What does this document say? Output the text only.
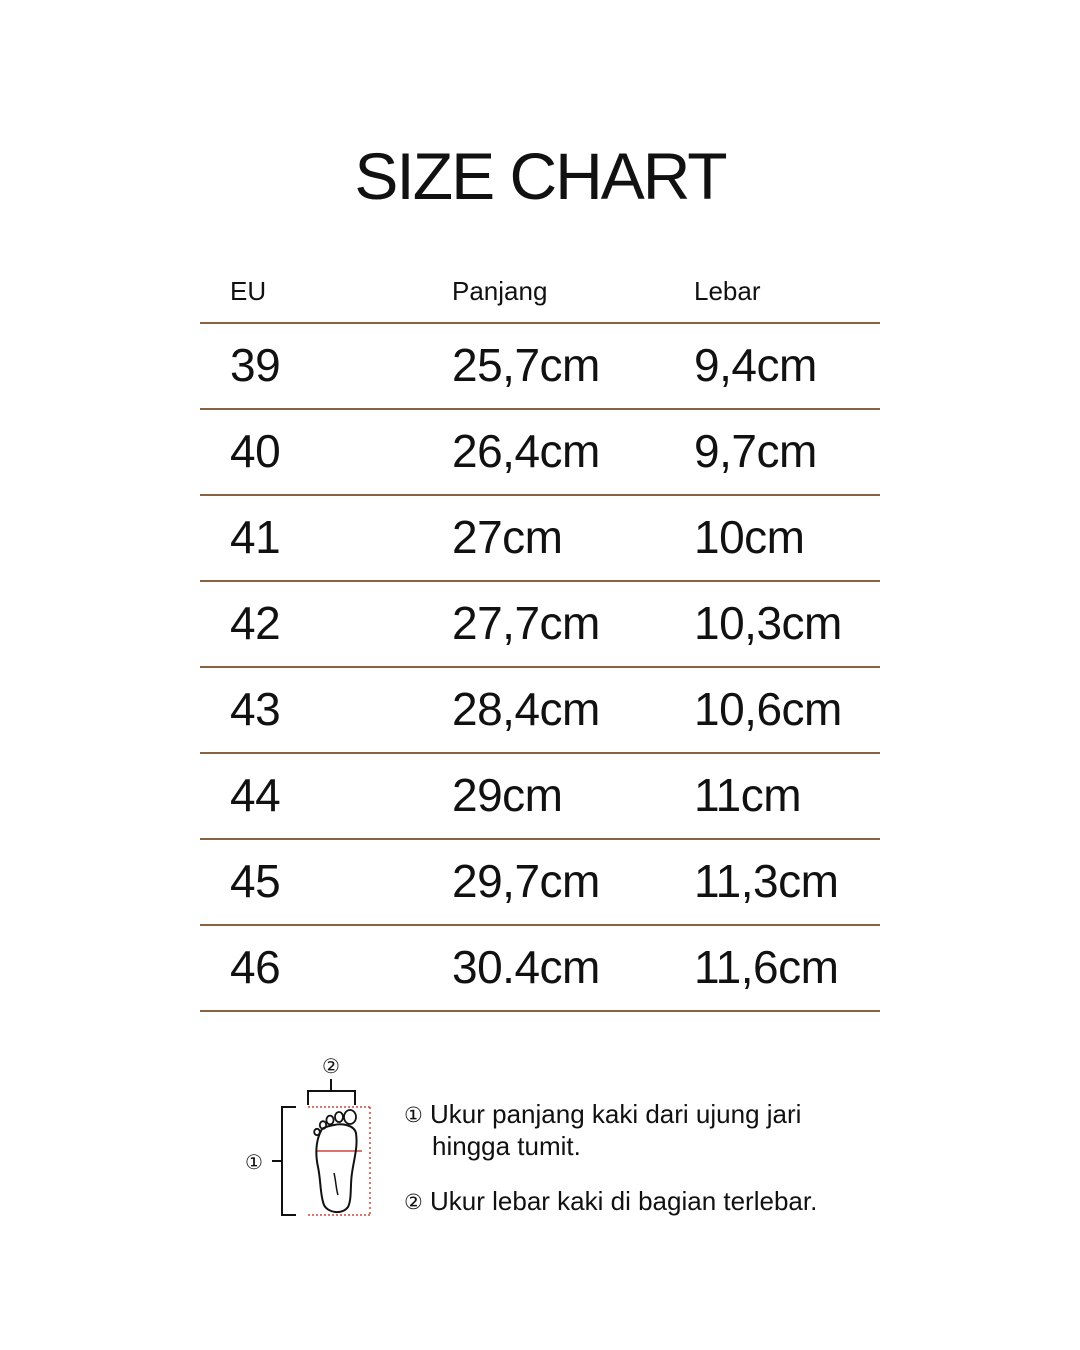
SIZE CHART
EU	Panjang	Lebar
39	25,7cm 9,4cm
40	26,4cm 9,7cm
41	27cm	10cm
42	27,7cm 10,3cm
43	28,4cm 10,6cm
44	29cm	11cm
45	29,7cm 11,3cm
46	30.4cm 11,6cm
②
①
① Ukur panjang kaki dari ujung jari
hingga tumit.
② Ukur lebar kaki di bagian terlebar.
